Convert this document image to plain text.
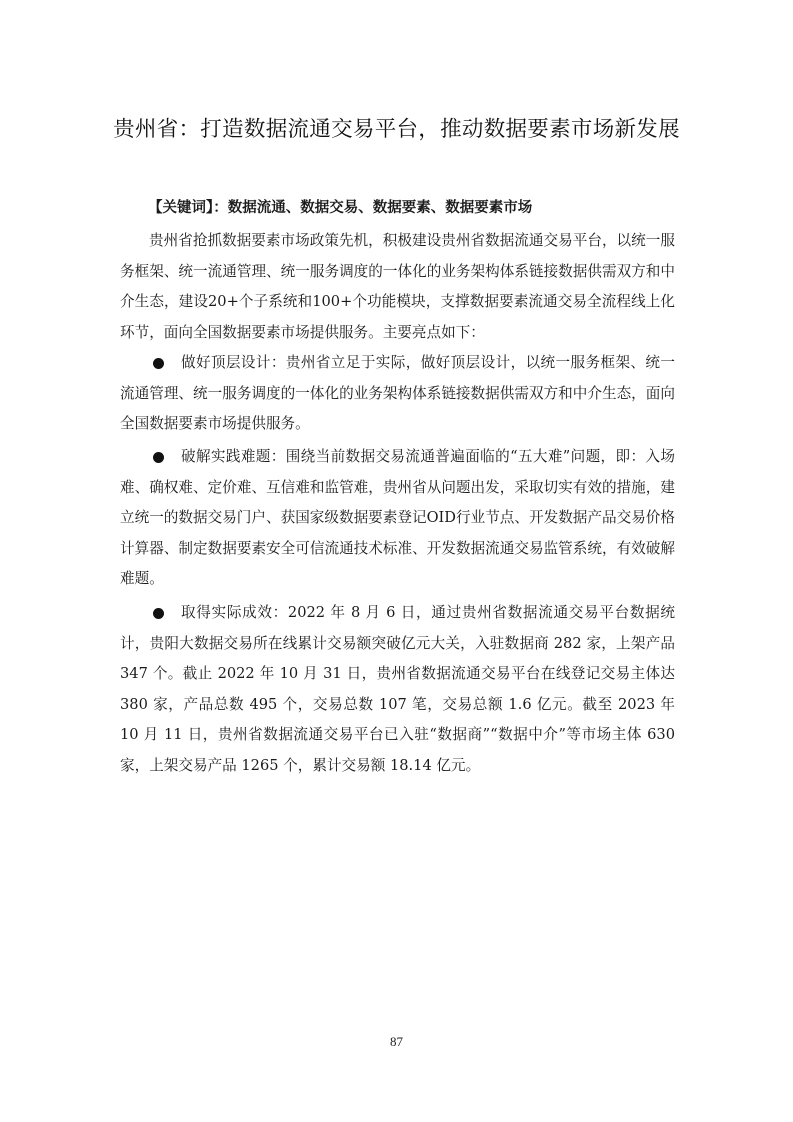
贵州省：打造数据流通交易平台，推动数据要素市场新发展
【关键词】：数据流通、数据交易、数据要素、数据要素市场
贵州省抢抓数据要素市场政策先机，积极建设贵州省数据流通交易平台，以统一服务框架、统一流通管理、统一服务调度的一体化的业务架构体系链接数据供需双方和中介生态，建设20+个子系统和100+个功能模块，支撑数据要素流通交易全流程线上化环节，面向全国数据要素市场提供服务。主要亮点如下：
做好顶层设计：贵州省立足于实际，做好顶层设计，以统一服务框架、统一流通管理、统一服务调度的一体化的业务架构体系链接数据供需双方和中介生态，面向全国数据要素市场提供服务。
破解实践难题：围绕当前数据交易流通普遍面临的“五大难”问题，即：入场难、确权难、定价难、互信难和监管难，贵州省从问题出发，采取切实有效的措施，建立统一的数据交易门户、获国家级数据要素登记OID行业节点、开发数据产品交易价格计算器、制定数据要素安全可信流通技术标准、开发数据流通交易监管系统，有效破解难题。
取得实际成效：2022 年 8 月 6 日，通过贵州省数据流通交易平台数据统计，贵阳大数据交易所在线累计交易额突破亿元大关，入驻数据商 282 家，上架产品 347 个。截止 2022 年 10 月 31 日，贵州省数据流通交易平台在线登记交易主体达 380 家，产品总数 495 个，交易总数 107 笔，交易总额 1.6 亿元。截至 2023 年 10 月 11 日，贵州省数据流通交易平台已入驻“数据商”“数据中介”等市场主体 630 家，上架交易产品 1265 个，累计交易额 18.14 亿元。
87
